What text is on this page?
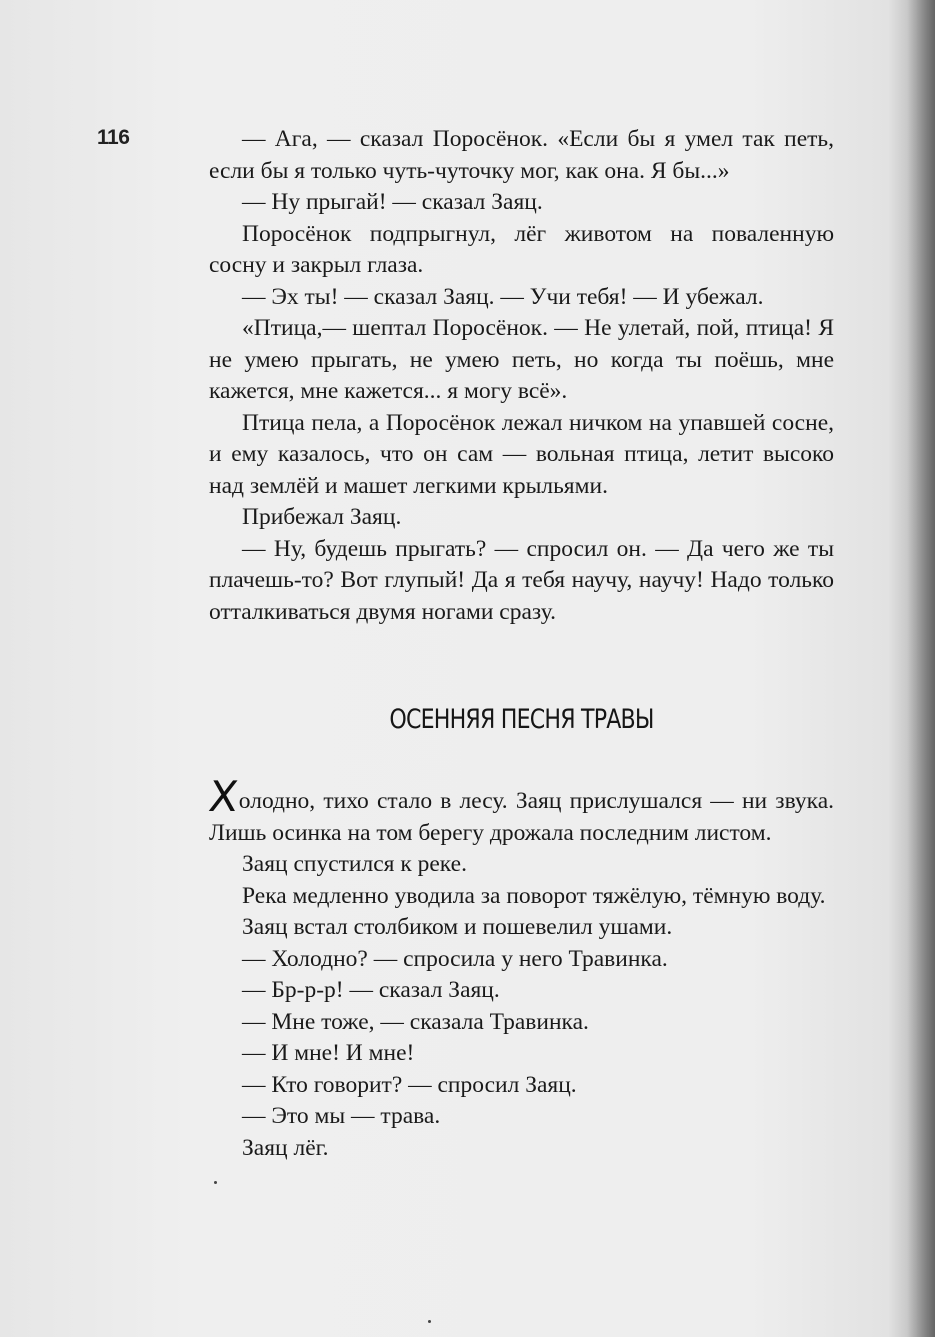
116	— Ага, — сказал Поросёнок. «Если бы я умел так петь, если бы я только чуть-чуточку мог, как она. Я бы...»

— Ну прыгай! — сказал Заяц.

Поросёнок подпрыгнул, лёг животом на поваленную сосну и закрыл глаза.

— Эх ты! — сказал Заяц. — Учи тебя! — И убежал.

«Птица,— шептал Поросёнок. — Не улетай, пой, птица! Я не умею прыгать, не умею петь, но когда ты поёшь, мне кажется, мне кажется... я могу всё».

Птица пела, а Поросёнок лежал ничком на упавшей сосне, и ему казалось, что он сам — вольная птица, летит высоко над землёй и машет легкими крыльями.

Прибежал Заяц.

— Ну, будешь прыгать? — спросил он. — Да чего же ты плачешь-то? Вот глупый! Да я тебя научу, научу! Надо только отталкиваться двумя ногами сразу.

ОСЕННЯЯ ПЕСНЯ ТРАВЫ

Х
олодно, тихо стало в лесу. Заяц прислушался — ни звука. Лишь осинка на том берегу дрожала последним листом.

Заяц спустился к реке.

Река медленно уводила за поворот тяжёлую, тёмную воду.

Заяц встал столбиком и пошевелил ушами.

— Холодно? — спросила у него Травинка.

— Бр-р-р! — сказал Заяц.

— Мне тоже, — сказала Травинка.

— И мне! И мне!

— Кто говорит? — спросил Заяц.

— Это мы — трава.

Заяц лёг.
